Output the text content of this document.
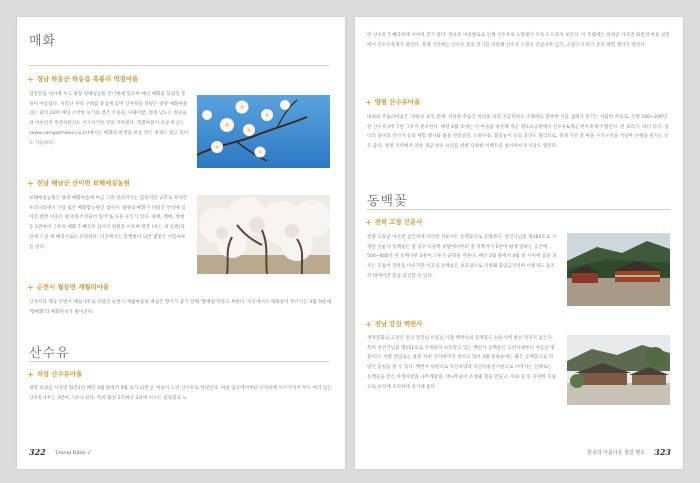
매화
+ 경남 하동군 하동읍 흑룡리 먹점마을
섬진강을 사이에 두고 광양 청매실농원 건너편에 있으며 매년 매화꽃 되었던 풍경이 아름답다. 지리산 자락 구례를 중심에 있어 산자락을 뒤덮은 광양 매화마을과는 달리 20여 채의 소박한 농가의 결은 오솔길, 다랭이밭, 청정 남도는 정승들과 어우러져 무궁하련서도 이가자기한 맛을 자아낸다. 먹점마을이 산골에 남는(www.samgotmaeul.co.kr)에서는 매화와 한정을 부를 작은 축제도 열고 있어도 가능하다.
+ 전남 해남군 산이면 보해매실농원
보해매실농원은 광양 매화마을에 버금 그리 알려지지는 않았지만 규모로 보자면 우리나라에서 가장 넓은 매화밭농원인 셈이다. 광양의 매화가 비탈진 언덕에 심어진 반면 이곳은 평지에 조성되어 있어 또 다른 포인가 있다. 홍매, 백매, 청매 등 1만여여 그루의 매화가 빼곡히 심어져 정원을 이루며 땅끝 (차는 내 곳엔)과 연에 소설 에 배경지로도 유명하다. 이곳에서는 봄햇빛이 되면 몇꽃은 이름하루를 연다.
+ 순천시 월등면 계월리마을
산자락과 계곡 주변이 매실나무로 뒤덮인 순천시 계월마을의 매실은 향기가 좋기 강해 '향매실'이라고 부른다. 이곳에서도 매화꽃이 무르익는 3월 하순에 '향매화'라 매화잔치가 벌어진다.
산수유
+ 의성 산수유마을
경북 의성군 사곡면 화전2리 매년 3월 말에서 4월 초가 되면 온 마을이 노란 산수유로 뒤덮인다. 마을 입구에서부터 산자락에 이르기까지 무두 여러 있는 산수유나무는 3만여 그루나 된다. 특히 화전 2리에서 3리에 이르는 길목길로 노
322 Travel Bible 2
한 산수유가 빼곡하게 이어져 걷기 좋다. 연초록 마을발로로 인해 산수유의 노랗빛이 더욱 도드라져 보인다. 이 무렵에는 의성군 사곡면 화전리 마을 일원에서 산수유축제가 열린다. 축제 기간에는 산수유 꽃길 걷기를 비롯해 산수유 소원등 산골나무 심기, 소달구지 타기 등의 체험 행사가 열린다.
+ 양평 산수유마을
내외와 주읍리마을은 '양평군 보호 문에' 지리한 추읍산 자락을 따라 지공미락도 소략하고 풍부한 시골 냄새가 풍기는 이담한 마을로, 수령 100~200년 된 산수유나무 7천 그루가 분포한다. 매년 4월 초에는 이 마을을 비롯해 개군 레포츠공원에서 산수유&개군 한우축제가 열린다. 연 보리기, 따더 타기, 앙더리 돌다리 건너기 등의 체험 행사와 불을 전통공연, 소망우송, 불꽃놀이 등의 공연도 열리므로, 축제 기간 중 마을 구석구석을 거닐며 산책을 즐기는 것도 좋다. 청정 지역에서 자란 개군 한우 요리를 위한 다양한 이벤트를 실시하여 우시장도 열린다.
동백꽃
+ 전북 고창 선운사
전북 고창군 아산면 삼인리에 자리한 선운사는 동백꽃으로 유명하다. 천연기념물 제184호로 지정된 선운사 동백숲은 절 입구 오른쪽 비탈에서부터 절 뒤쪽까지 5천여 평에 달하는 공간에 500~600년 된 동백나무 3천여 그루가 군락을 이룬다. 매년 3월 말에서 4월 중 사이에 꽃을 피우는 모습이 장관을 이루지만 이곳의 동백숲은 보호림으로 지정돼 출입금지이며 이렇게도 돌조각 밖에서만 꽃을 감상할 수 있다.
+ 전남 강진 백련사
정자문화의 고장인 전남 강진의 이름난 사찰 백련사의 동백꽃도 선운사에 결코 뒤지지 않는다. 특히 천연기념물 제151호로 지정되어 보호받고 있는 백련사 동백숲은 고려시대부터 이름난 명물이다. 사찰 진입로는 물론 뒤편 산자락까지 걸쳐고 있어 3월 중하순에는 붉은 동백꽃으로 뒤덮인 숲길을 볼 수 있다. 백련사 뒤편으로 다산초당과 다산유물전시관으로 이어지는 산책로는 동백숲을 끝은 아생차밭과 나무깨달림, 대나무숲이 조성돼 형을 만들고, 차와 길 등 다양한 모습으로 우리에 조직하게 길기에 좋다.
한국의 아름다운 꽃길 명소 323
